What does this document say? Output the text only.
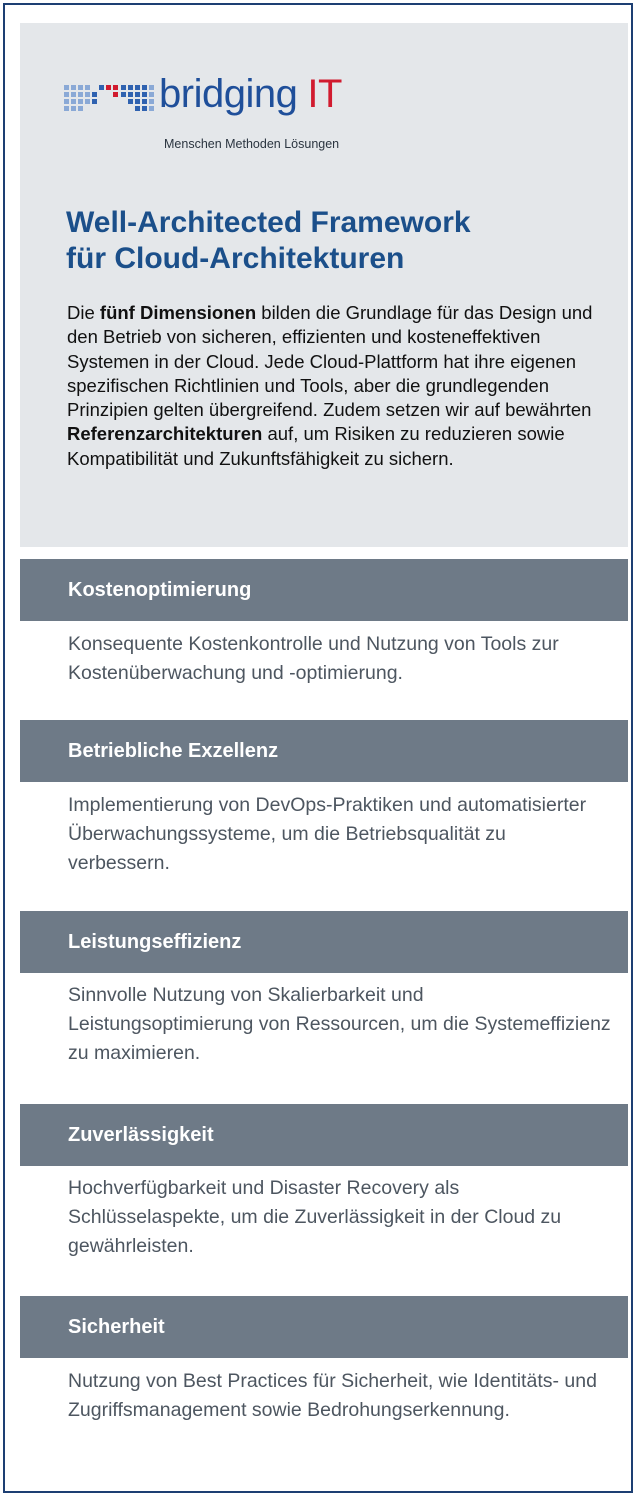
bridging IT
Menschen Methoden Lösungen
Well-Architected Framework
für Cloud-Architekturen

Die fünf Dimensionen bilden die Grundlage für das Design und den Betrieb von sicheren, effizienten und kosteneffektiven Systemen in der Cloud. Jede Cloud-Plattform hat ihre eigenen spezifischen Richtlinien und Tools, aber die grundlegenden Prinzipien gelten übergreifend. Zudem setzen wir auf bewährten Referenzarchitekturen auf, um Risiken zu reduzieren sowie Kompatibilität und Zukunftsfähigkeit zu sichern.

Kostenoptimierung

Konsequente Kostenkontrolle und Nutzung von Tools zur Kostenüberwachung und -optimierung.

Betriebliche Exzellenz

Implementierung von DevOps-Praktiken und automatisierter Überwachungssysteme, um die Betriebsqualität zu verbessern.

Leistungseffizienz

Sinnvolle Nutzung von Skalierbarkeit und Leistungsoptimierung von Ressourcen, um die Systemeffizienz zu maximieren.

Zuverlässigkeit

Hochverfügbarkeit und Disaster Recovery als Schlüsselaspekte, um die Zuverlässigkeit in der Cloud zu gewährleisten.

Sicherheit

Nutzung von Best Practices für Sicherheit, wie Identitäts- und Zugriffsmanagement sowie Bedrohungserkennung.
